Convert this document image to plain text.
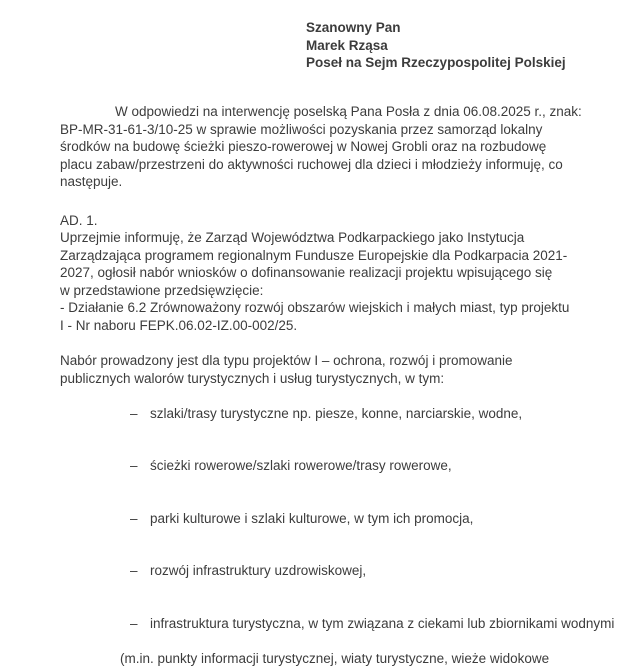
Szanowny Pan
Marek Rząsa
Poseł na Sejm Rzeczypospolitej Polskiej
W odpowiedzi na interwencję poselską Pana Posła z dnia 06.08.2025 r., znak:
BP-MR-31-61-3/10-25 w sprawie możliwości pozyskania przez samorząd lokalny
środków na budowę ścieżki pieszo-rowerowej w Nowej Grobli oraz na rozbudowę
placu zabaw/przestrzeni do aktywności ruchowej dla dzieci i młodzieży informuję, co
następuje.
AD. 1.
Uprzejmie informuję, że Zarząd Województwa Podkarpackiego jako Instytucja
Zarządzająca programem regionalnym Fundusze Europejskie dla Podkarpacia 2021-
2027, ogłosił nabór wniosków o dofinansowanie realizacji projektu wpisującego się
w przedstawione przedsięwzięcie:
- Działanie 6.2 Zrównoważony rozwój obszarów wiejskich i małych miast, typ projektu
I - Nr naboru FEPK.06.02-IZ.00-002/25.
Nabór prowadzony jest dla typu projektów I – ochrona, rozwój i promowanie
publicznych walorów turystycznych i usług turystycznych, w tym:

– szlaki/trasy turystyczne np. piesze, konne, narciarskie, wodne,

– ścieżki rowerowe/szlaki rowerowe/trasy rowerowe,

– parki kulturowe i szlaki kulturowe, w tym ich promocja,

– rozwój infrastruktury uzdrowiskowej,

– infrastruktura turystyczna, w tym związana z ciekami lub zbiornikami wodnymi

(m.in. punkty informacji turystycznej, wiaty turystyczne, wieże widokowe
